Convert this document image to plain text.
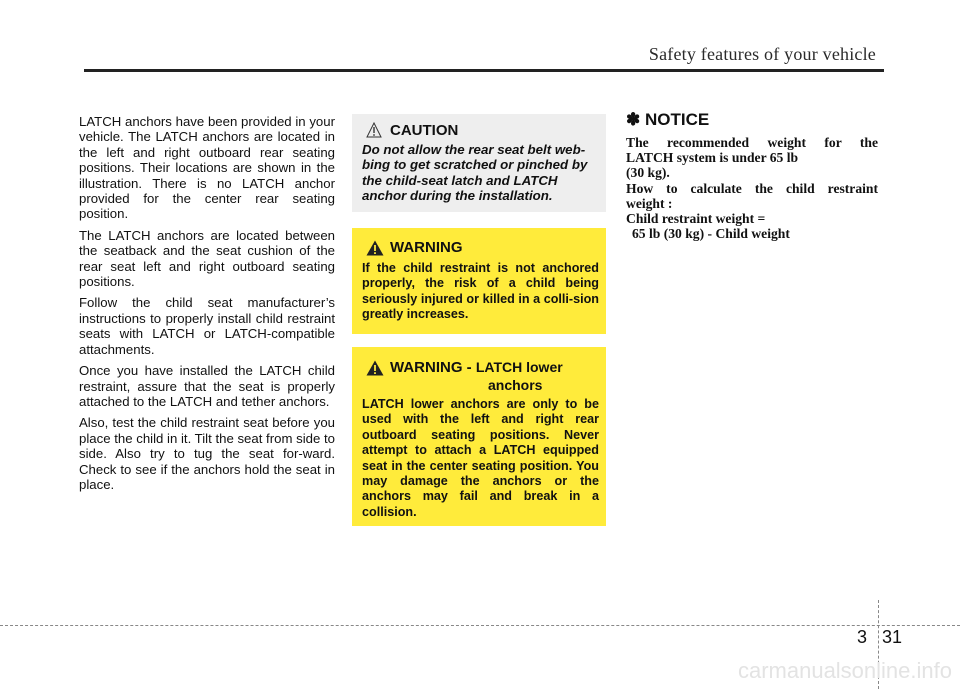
Safety features of your vehicle

LATCH anchors have been provided in your vehicle. The LATCH anchors are located in the left and right outboard rear seating positions. Their locations are shown in the illustration. There is no LATCH anchor provided for the center rear seating position.

The LATCH anchors are located between the seatback and the seat cushion of the rear seat left and right outboard seating positions.

Follow the child seat manufacturer’s instructions to properly install child restraint seats with LATCH or LATCH-compatible attachments.

Once you have installed the LATCH child restraint, assure that the seat is properly attached to the LATCH and tether anchors.

Also, test the child restraint seat before you place the child in it. Tilt the seat from side to side. Also try to tug the seat for-ward. Check to see if the anchors hold the seat in place.

CAUTION
Do not allow the rear seat belt web-bing to get scratched or pinched by the child-seat latch and LATCH anchor during the installation.
WARNING
If the child restraint is not anchored properly, the risk of a child being seriously injured or killed in a colli-sion greatly increases.
WARNING - LATCH lower
anchors
LATCH lower anchors are only to be used with the left and right rear outboard seating positions. Never attempt to attach a LATCH equipped seat in the center seating position. You may damage the anchors or the anchors may fail and break in a collision.
✽ NOTICE
The recommended weight for the
LATCH system is under 65 lb
(30 kg).
How to calculate the child restraint
weight :
Child restraint weight =
65 lb (30 kg) - Child weight
3 31
carmanualsonline.info
